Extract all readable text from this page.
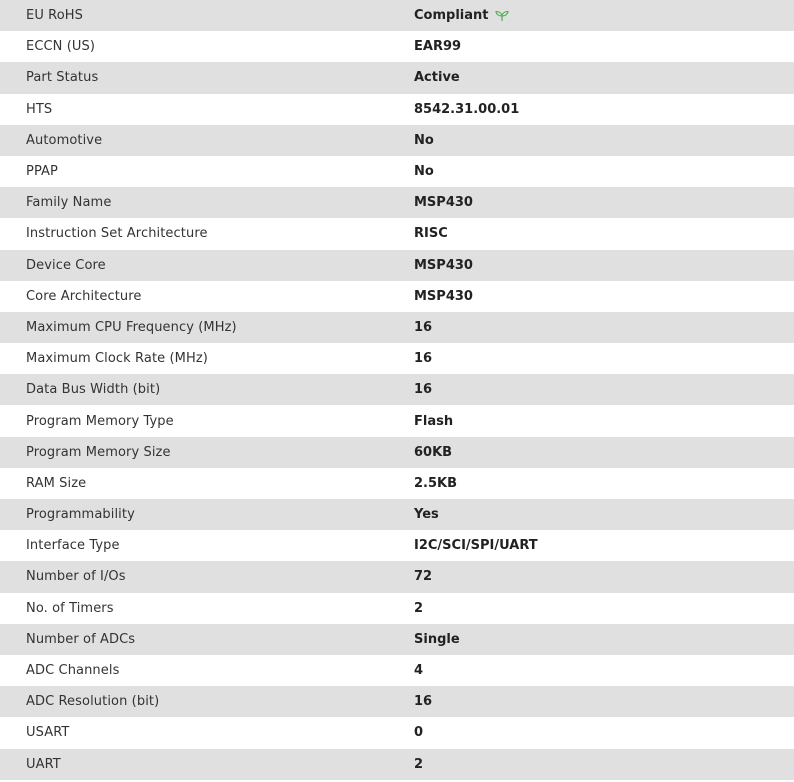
EU RoHS	Compliant
ECCN (US)	EAR99
Part Status	Active
HTS	8542.31.00.01
Automotive	No
PPAP	No
Family Name	MSP430
Instruction Set Architecture	RISC
Device Core	MSP430
Core Architecture	MSP430
Maximum CPU Frequency (MHz)	16
Maximum Clock Rate (MHz)	16
Data Bus Width (bit)	16
Program Memory Type	Flash
Program Memory Size	60KB
RAM Size	2.5KB
Programmability	Yes
Interface Type	I2C/SCI/SPI/UART
Number of I/Os	72
No. of Timers	2
Number of ADCs	Single
ADC Channels	4
ADC Resolution (bit)	16
USART	0
UART	2
